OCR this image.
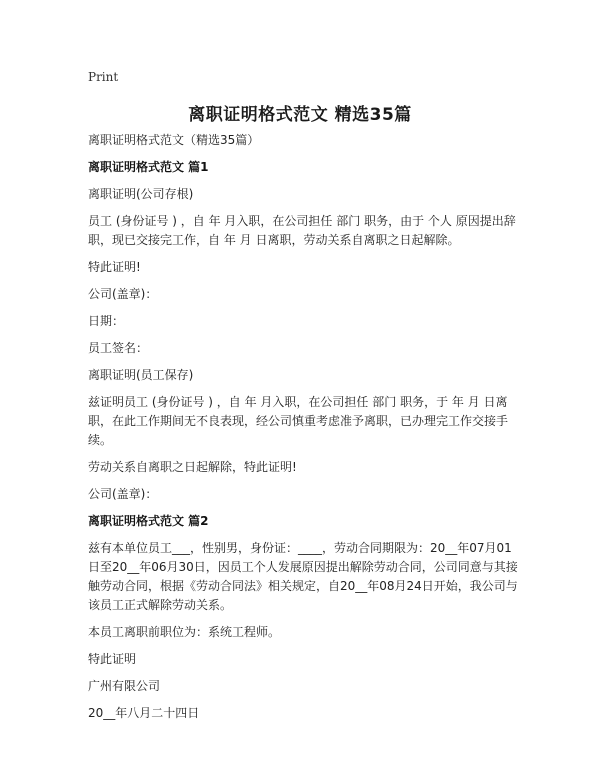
Print
离职证明格式范文 精选35篇

离职证明格式范文（精选35篇）

离职证明格式范文 篇1

离职证明(公司存根)

员工 (身份证号 ) ，自 年 月入职，在公司担任 部门 职务，由于 个人 原因提出辞职，现已交接完工作，自 年 月 日离职，劳动关系自离职之日起解除。

特此证明!

公司(盖章)：

日期：

员工签名：

离职证明(员工保存)

兹证明员工 (身份证号 ) ，自 年 月入职，在公司担任 部门 职务，于 年 月 日离职，在此工作期间无不良表现，经公司慎重考虑准予离职，已办理完工作交接手续。

劳动关系自离职之日起解除，特此证明!

公司(盖章)：

离职证明格式范文 篇2

兹有本单位员工___，性别男，身份证：____，劳动合同期限为：20__年07月01日至20__年06月30日，因员工个人发展原因提出解除劳动合同，公司同意与其接触劳动合同，根据《劳动合同法》相关规定，自20__年08月24日开始，我公司与该员工正式解除劳动关系。

本员工离职前职位为：系统工程师。

特此证明

广州有限公司

20__年八月二十四日
